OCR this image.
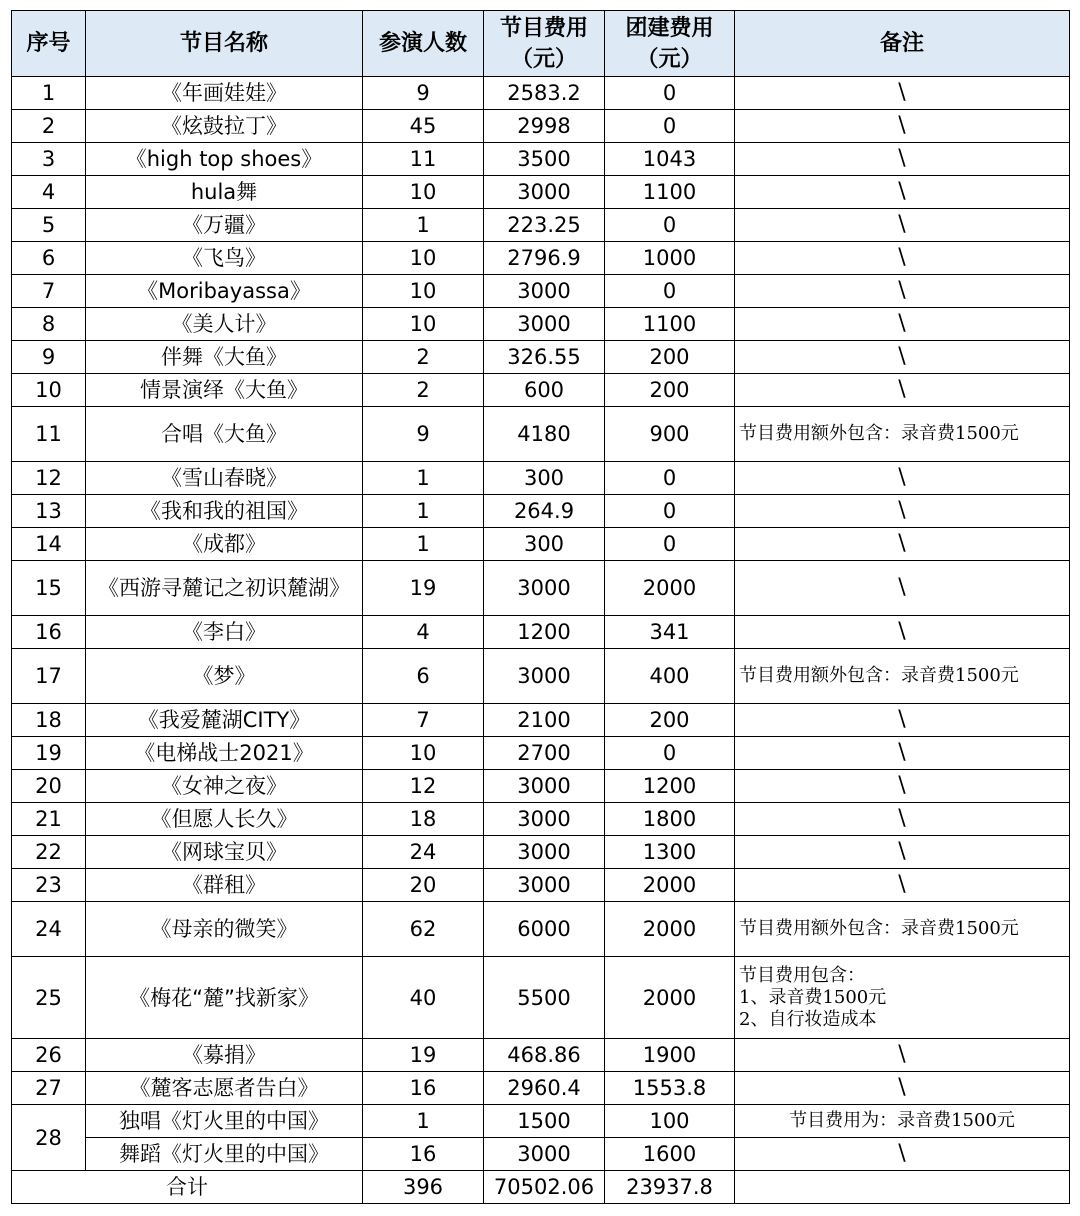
序号	节目名称	参演人数	节目费用（元）	团建费用（元）	备注
1	《年画娃娃》	9	2583.2	0	\
2	《炫鼓拉丁》	45	2998	0	\
3	《high top shoes》	11	3500	1043	\
4	hula舞	10	3000	1100	\
5	《万疆》	1	223.25	0	\
6	《飞鸟》	10	2796.9	1000	\
7	《Moribayassa》	10	3000	0	\
8	《美人计》	10	3000	1100	\
9	伴舞《大鱼》	2	326.55	200	\
10	情景演绎《大鱼》	2	600	200	\
11	合唱《大鱼》	9	4180	900	节目费用额外包含：录音费1500元
12	《雪山春晓》	1	300	0	\
13	《我和我的祖国》	1	264.9	0	\
14	《成都》	1	300	0	\
15	《西游寻麓记之初识麓湖》	19	3000	2000	\
16	《李白》	4	1200	341	\
17	《梦》	6	3000	400	节目费用额外包含：录音费1500元
18	《我爱麓湖CITY》	7	2100	200	\
19	《电梯战士2021》	10	2700	0	\
20	《女神之夜》	12	3000	1200	\
21	《但愿人长久》	18	3000	1800	\
22	《网球宝贝》	24	3000	1300	\
23	《群租》	20	3000	2000	\
24	《母亲的微笑》	62	6000	2000	节目费用额外包含：录音费1500元
25	《梅花“麓”找新家》	40	5500	2000	节目费用包含：
1、录音费1500元
2、自行妆造成本
26	《募捐》	19	468.86	1900	\
27	《麓客志愿者告白》	16	2960.4	1553.8	\
28	独唱《灯火里的中国》	1	1500	100	节目费用为：录音费1500元
	舞蹈《灯火里的中国》	16	3000	1600	\
合计		396	70502.06	23937.8	
